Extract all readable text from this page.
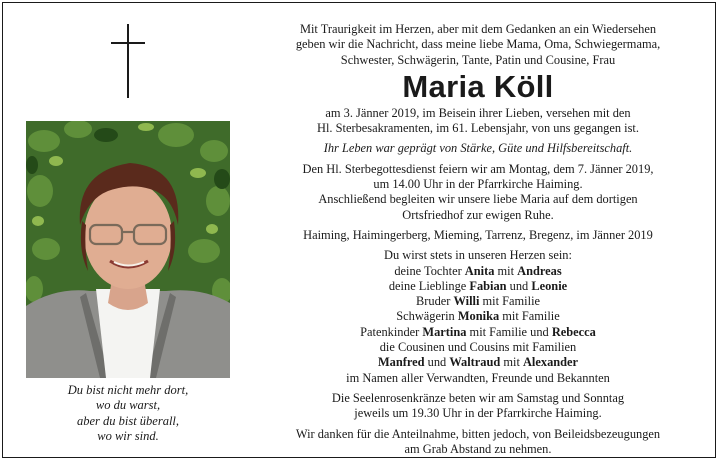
Du bist nicht mehr dort,
wo du warst,
aber du bist überall,
wo wir sind.
Mit Traurigkeit im Herzen, aber mit dem Gedanken an ein Wiedersehen
geben wir die Nachricht, dass meine liebe Mama, Oma, Schwiegermama,
Schwester, Schwägerin, Tante, Patin und Cousine, Frau
Maria Köll
am 3. Jänner 2019, im Beisein ihrer Lieben, versehen mit den
Hl. Sterbesakramenten, im 61. Lebensjahr, von uns gegangen ist.
Ihr Leben war geprägt von Stärke, Güte und Hilfsbereitschaft.
Den Hl. Sterbegottesdienst feiern wir am Montag, dem 7. Jänner 2019,
um 14.00 Uhr in der Pfarrkirche Haiming.
Anschließend begleiten wir unsere liebe Maria auf dem dortigen
Ortsfriedhof zur ewigen Ruhe.
Haiming, Haimingerberg, Mieming, Tarrenz, Bregenz, im Jänner 2019
Du wirst stets in unseren Herzen sein:
deine Tochter Anita mit Andreas
deine Lieblinge Fabian und Leonie
Bruder Willi mit Familie
Schwägerin Monika mit Familie
Patenkinder Martina mit Familie und Rebecca
die Cousinen und Cousins mit Familien
Manfred und Waltraud mit Alexander
im Namen aller Verwandten, Freunde und Bekannten
Die Seelenrosenkränze beten wir am Samstag und Sonntag
jeweils um 19.30 Uhr in der Pfarrkirche Haiming.
Wir danken für die Anteilnahme, bitten jedoch, von Beileidsbezeugungen
am Grab Abstand zu nehmen.
